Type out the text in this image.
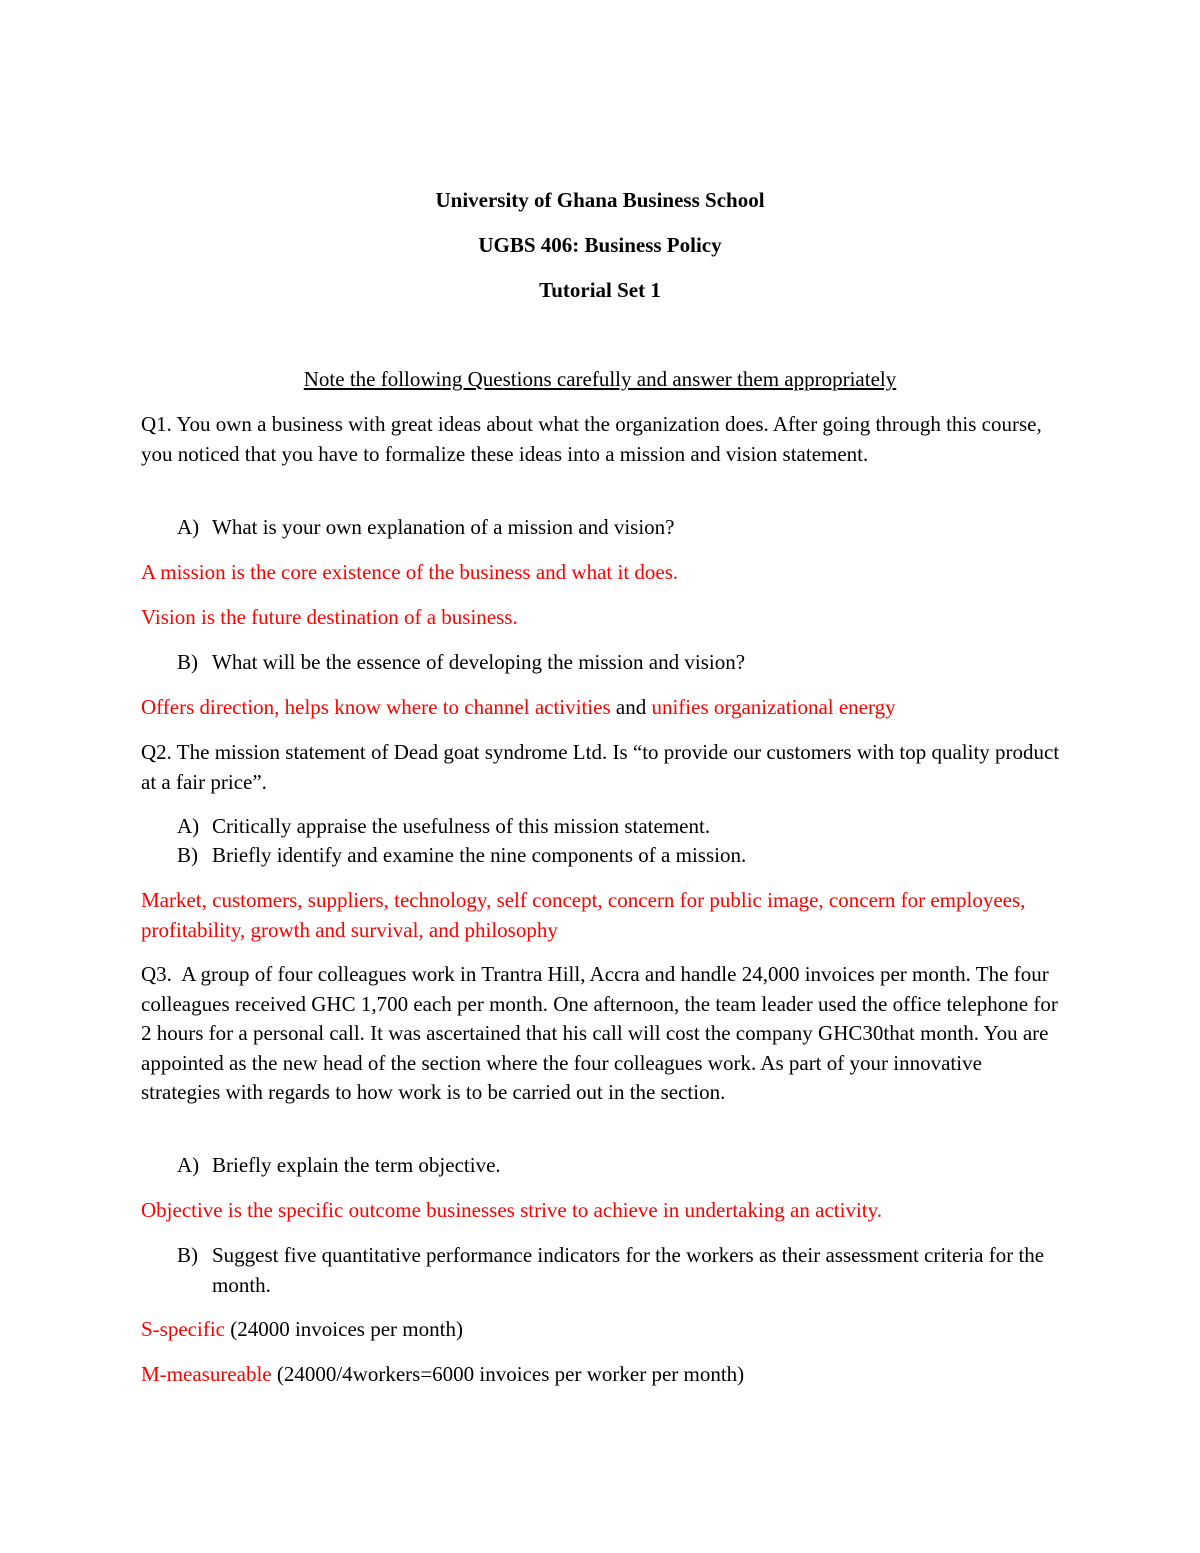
University of Ghana Business School
UGBS 406: Business Policy
Tutorial Set 1
Note the following Questions carefully and answer them appropriately
Q1. You own a business with great ideas about what the organization does. After going through this course, you noticed that you have to formalize these ideas into a mission and vision statement.
A) What is your own explanation of a mission and vision?
A mission is the core existence of the business and what it does.
Vision is the future destination of a business.
B) What will be the essence of developing the mission and vision?
Offers direction, helps know where to channel activities and unifies organizational energy
Q2. The mission statement of Dead goat syndrome Ltd. Is “to provide our customers with top quality product at a fair price”.
A) Critically appraise the usefulness of this mission statement.
B) Briefly identify and examine the nine components of a mission.
Market, customers, suppliers, technology, self concept, concern for public image, concern for employees, profitability, growth and survival, and philosophy
Q3. A group of four colleagues work in Trantra Hill, Accra and handle 24,000 invoices per month. The four colleagues received GHC 1,700 each per month. One afternoon, the team leader used the office telephone for 2 hours for a personal call. It was ascertained that his call will cost the company GHC30that month. You are appointed as the new head of the section where the four colleagues work. As part of your innovative strategies with regards to how work is to be carried out in the section.
A) Briefly explain the term objective.
Objective is the specific outcome businesses strive to achieve in undertaking an activity.
B) Suggest five quantitative performance indicators for the workers as their assessment criteria for the month.
S-specific (24000 invoices per month)
M-measureable (24000/4workers=6000 invoices per worker per month)
